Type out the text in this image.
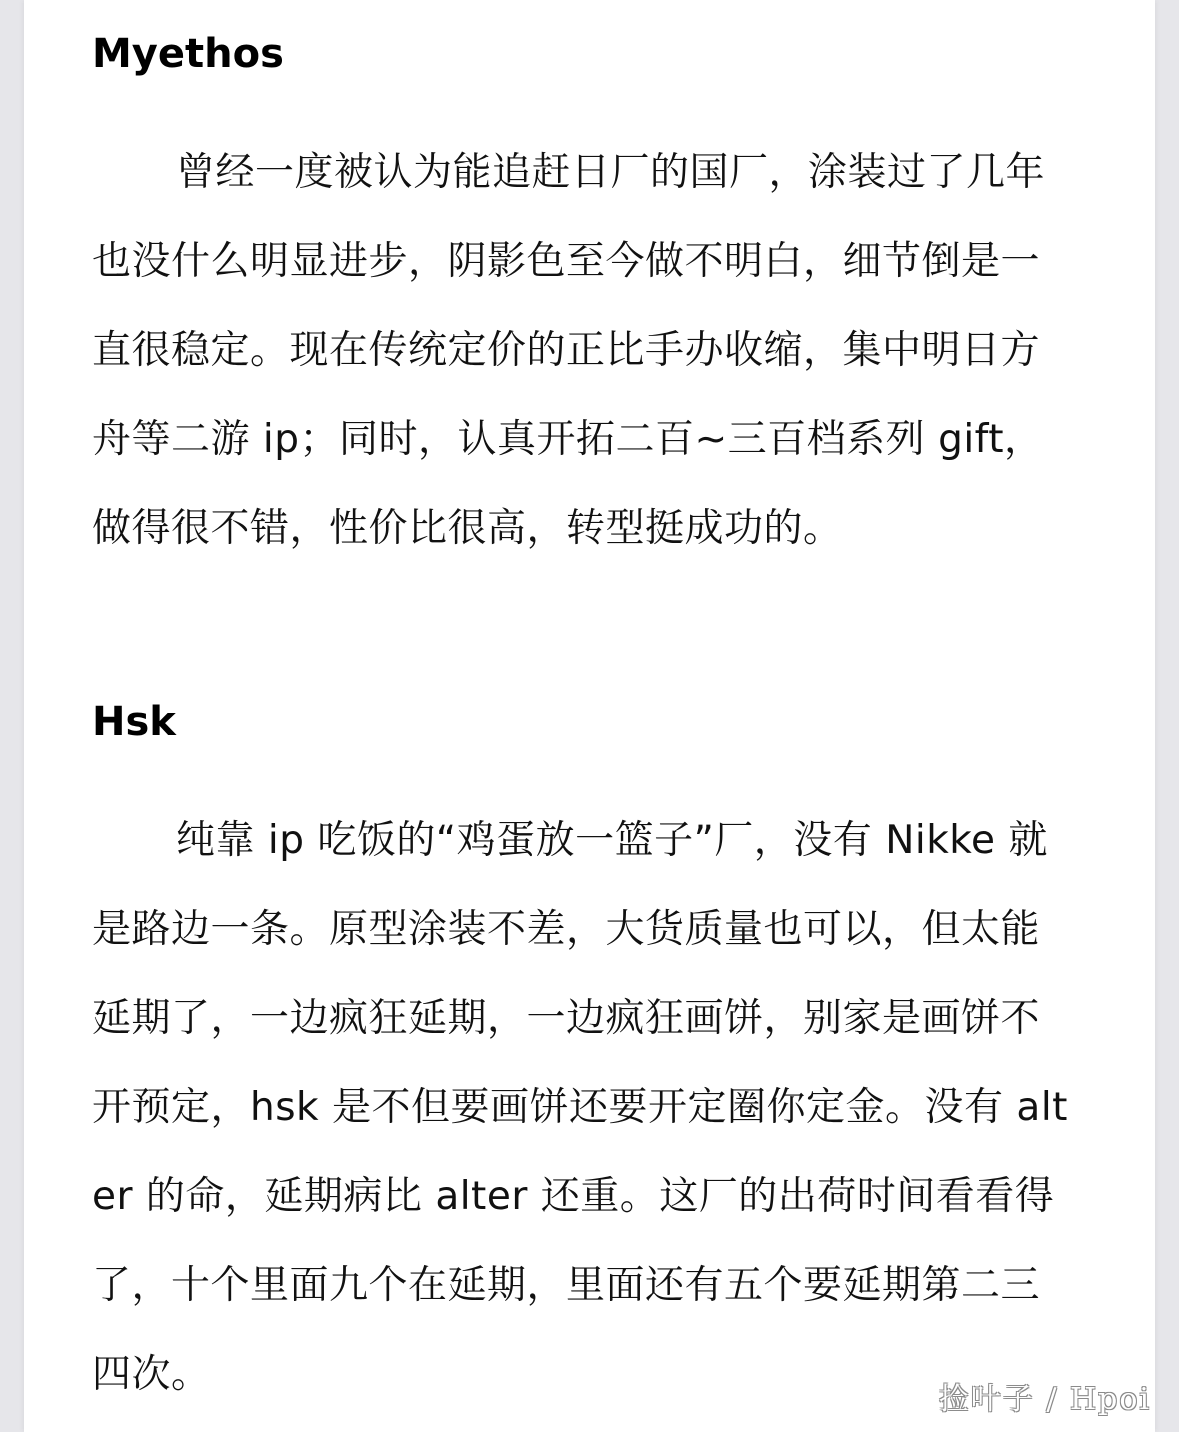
Myethos

曾经一度被认为能追赶日厂的国厂，涂装过了几年也没什么明显进步，阴影色至今做不明白，细节倒是一直很稳定。现在传统定价的正比手办收缩，集中明日方舟等二游 ip；同时，认真开拓二百~三百档系列 gift，做得很不错，性价比很高，转型挺成功的。

Hsk

纯靠 ip 吃饭的“鸡蛋放一篮子”厂，没有 Nikke 就是路边一条。原型涂装不差，大货质量也可以，但太能延期了，一边疯狂延期，一边疯狂画饼，别家是画饼不开预定，hsk 是不但要画饼还要开定圈你定金。没有 alter 的命，延期病比 alter 还重。这厂的出荷时间看看得了，十个里面九个在延期，里面还有五个要延期第二三四次。

捡叶子 / Hpoi
